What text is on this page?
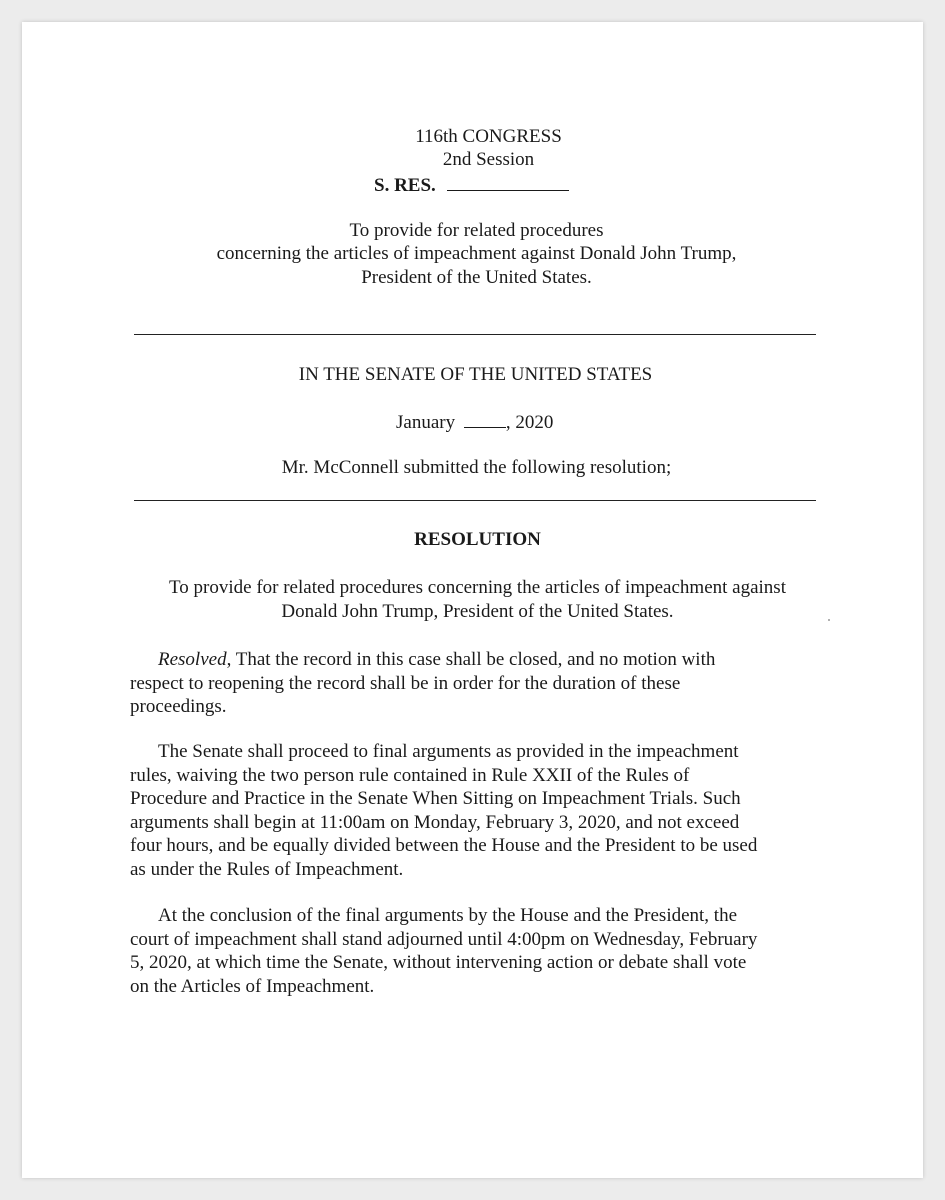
116th CONGRESS
2nd Session
S. RES.
To provide for related procedures
concerning the articles of impeachment against Donald John Trump,
President of the United States.
IN THE SENATE OF THE UNITED STATES
January	, 2020
Mr. McConnell submitted the following resolution;
RESOLUTION
To provide for related procedures concerning the articles of impeachment against
Donald John Trump, President of the United States.
Resolved, That the record in this case shall be closed, and no motion with
respect to reopening the record shall be in order for the duration of these
proceedings.
The Senate shall proceed to final arguments as provided in the impeachment
rules, waiving the two person rule contained in Rule XXII of the Rules of
Procedure and Practice in the Senate When Sitting on Impeachment Trials. Such
arguments shall begin at 11:00am on Monday, February 3, 2020, and not exceed
four hours, and be equally divided between the House and the President to be used
as under the Rules of Impeachment.
At the conclusion of the final arguments by the House and the President, the
court of impeachment shall stand adjourned until 4:00pm on Wednesday, February
5, 2020, at which time the Senate, without intervening action or debate shall vote
on the Articles of Impeachment.
